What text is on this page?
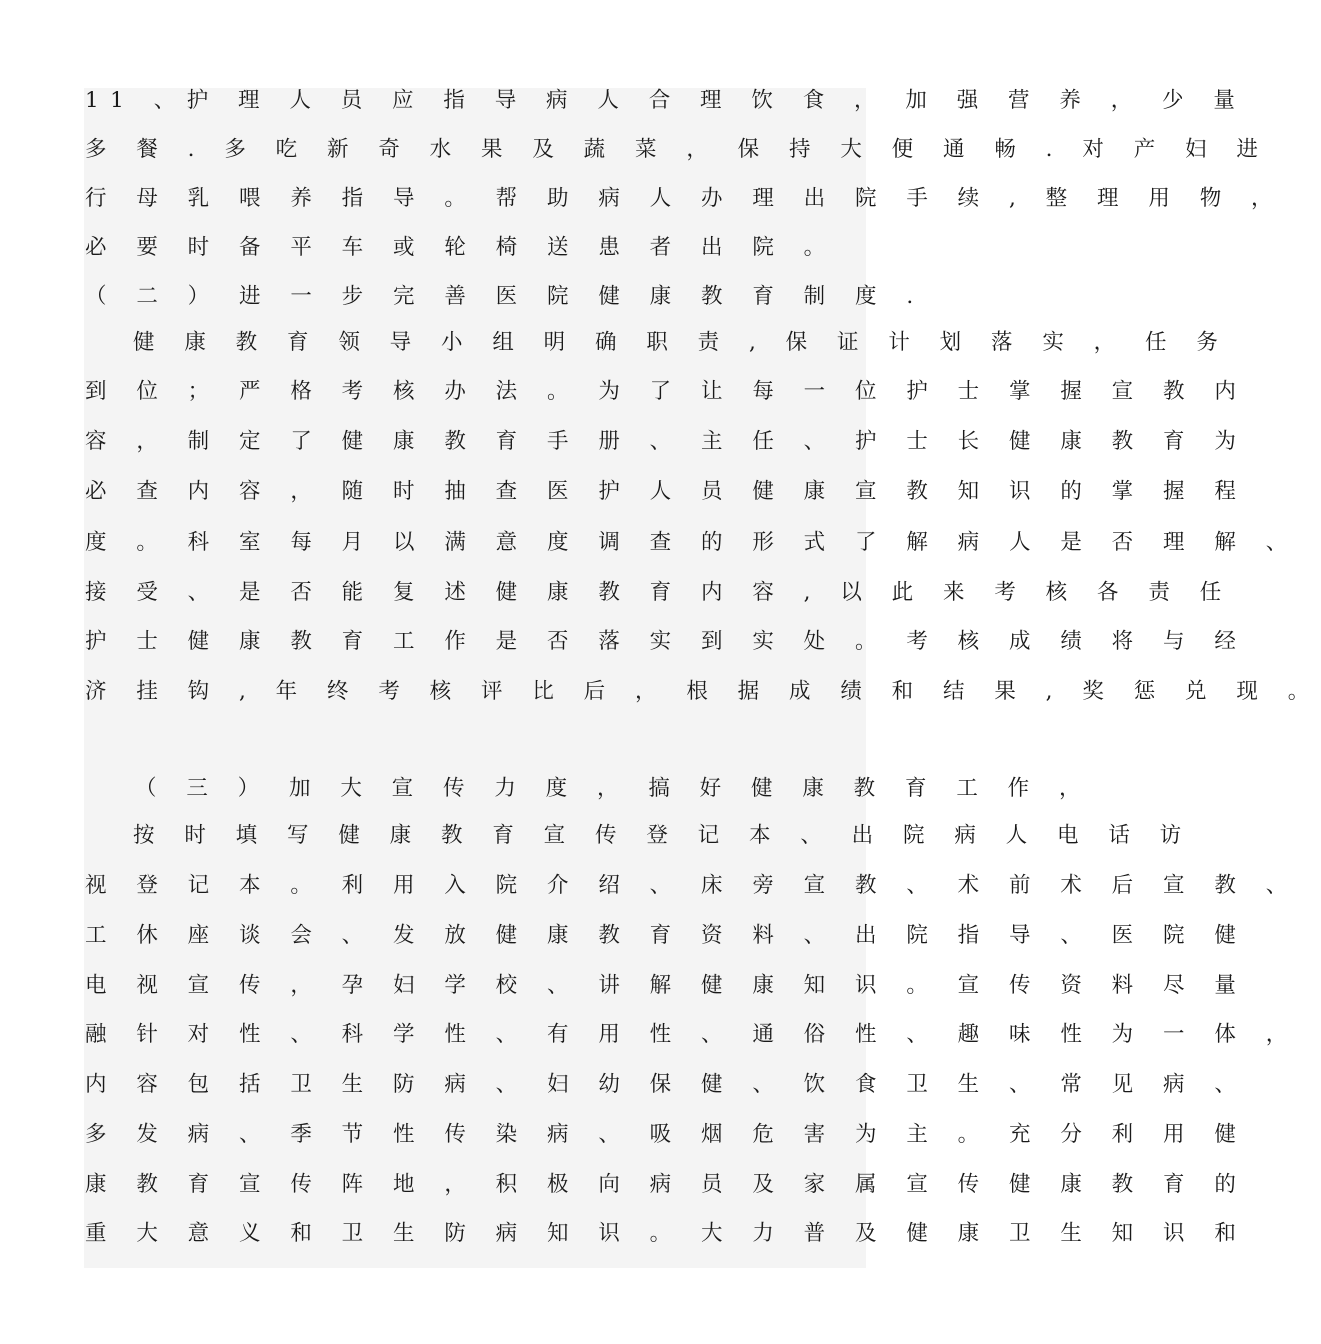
11 、护 理 人 员 应 指 导 病 人 合 理 饮 食 ， 加 强 营 养 ， 少 量
多 餐 . 多 吃 新 奇 水 果 及 蔬 菜 ， 保 持 大 便 通 畅 . 对 产 妇 进
行 母 乳 喂 养 指 导 。 帮 助 病 人 办 理 出 院 手 续 , 整 理 用 物 ，
必 要 时 备 平 车 或 轮 椅 送 患 者 出 院 。
（ 二 ） 进 一 步 完 善 医 院 健 康 教 育 制 度 .
健 康 教 育 领 导 小 组 明 确 职 责 , 保 证 计 划 落 实 ， 任 务
到 位 ； 严 格 考 核 办 法 。 为 了 让 每 一 位 护 士 掌 握 宣 教 内
容 ， 制 定 了 健 康 教 育 手 册 、 主 任 、 护 士 长 健 康 教 育 为
必 查 内 容 ， 随 时 抽 查 医 护 人 员 健 康 宣 教 知 识 的 掌 握 程
度 。 科 室 每 月 以 满 意 度 调 查 的 形 式 了 解 病 人 是 否 理 解 、
接 受 、 是 否 能 复 述 健 康 教 育 内 容 , 以 此 来 考 核 各 责 任
护 士 健 康 教 育 工 作 是 否 落 实 到 实 处 。 考 核 成 绩 将 与 经
济 挂 钩 , 年 终 考 核 评 比 后 ， 根 据 成 绩 和 结 果 , 奖 惩 兑 现 。
（ 三 ） 加 大 宣 传 力 度 ， 搞 好 健 康 教 育 工 作 ，
按 时 填 写 健 康 教 育 宣 传 登 记 本 、 出 院 病 人 电 话 访
视 登 记 本 。 利 用 入 院 介 绍 、 床 旁 宣 教 、 术 前 术 后 宣 教 、
工 休 座 谈 会 、 发 放 健 康 教 育 资 料 、 出 院 指 导 、 医 院 健
电 视 宣 传 ， 孕 妇 学 校 、 讲 解 健 康 知 识 。 宣 传 资 料 尽 量
融 针 对 性 、 科 学 性 、 有 用 性 、 通 俗 性 、 趣 味 性 为 一 体 ，
内 容 包 括 卫 生 防 病 、 妇 幼 保 健 、 饮 食 卫 生 、 常 见 病 、
多 发 病 、 季 节 性 传 染 病 、 吸 烟 危 害 为 主 。 充 分 利 用 健
康 教 育 宣 传 阵 地 ， 积 极 向 病 员 及 家 属 宣 传 健 康 教 育 的
重 大 意 义 和 卫 生 防 病 知 识 。 大 力 普 及 健 康 卫 生 知 识 和
